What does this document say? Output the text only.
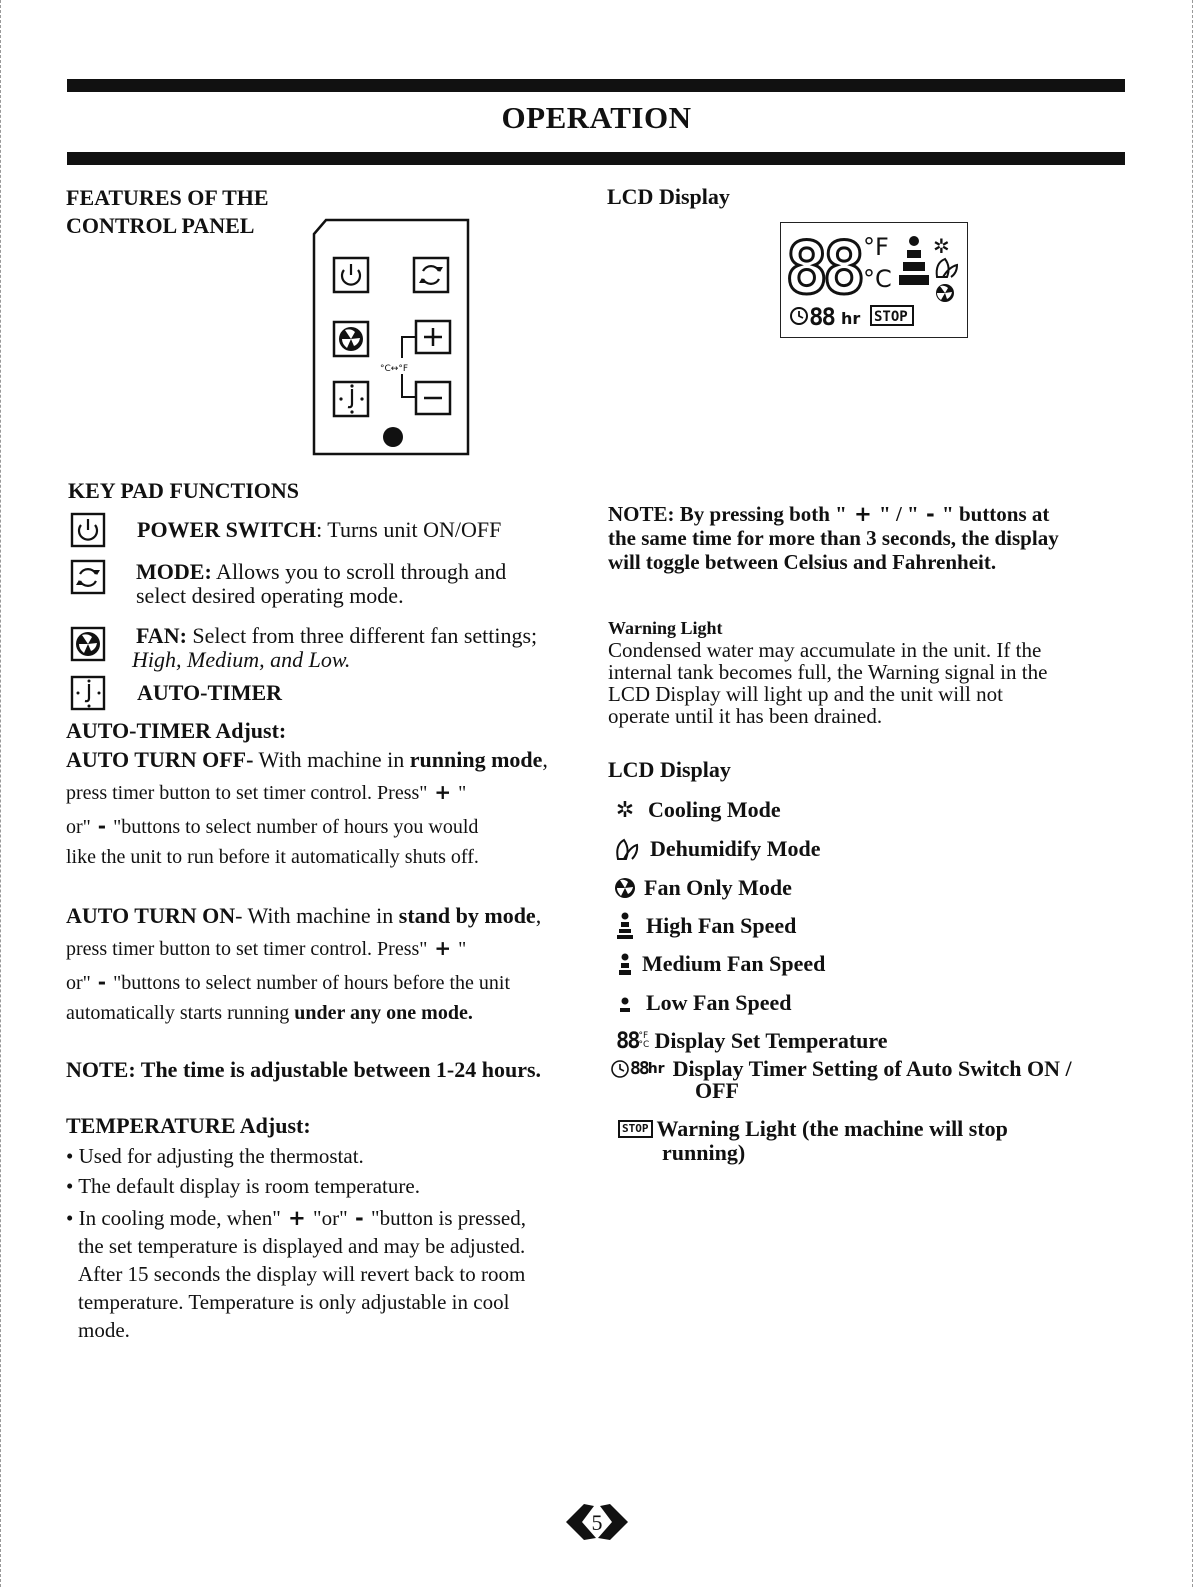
OPERATION
FEATURES OF THE
CONTROL PANEL
°C↔°F
LCD Display
88 °F
°C
✲
88 hr STOP
KEY PAD FUNCTIONS
POWER SWITCH: Turns unit ON/OFF
MODE: Allows you to scroll through and
select desired operating mode.
FAN: Select from three different fan settings;
High, Medium, and Low.
AUTO-TIMER
AUTO-TIMER Adjust:
AUTO TURN OFF- With machine in running mode,
press timer button to set timer control. Press" + "
or" - "buttons to select number of hours you would
like the unit to run before it automatically shuts off.
AUTO TURN ON- With machine in stand by mode,
press timer button to set timer control. Press" + "
or" - "buttons to select number of hours before the unit
automatically starts running under any one mode.
NOTE: The time is adjustable between 1-24 hours.
TEMPERATURE Adjust:
• Used for adjusting the thermostat.
• The default display is room temperature.
• In cooling mode, when" + "or" - "button is pressed,
the set temperature is displayed and may be adjusted.
After 15 seconds the display will revert back to room
temperature. Temperature is only adjustable in cool
mode.
NOTE: By pressing both " + " / " - " buttons at
the same time for more than 3 seconds, the display
will toggle between Celsius and Fahrenheit.
Warning Light
Condensed water may accumulate in the unit. If the
internal tank becomes full, the Warning signal in the
LCD Display will light up and the unit will not
operate until it has been drained.
LCD Display
✲ Cooling Mode
Dehumidify Mode
Fan Only Mode
High Fan Speed
Medium Fan Speed
Low Fan Speed
88 °F
°C Display Set Temperature
88 hr Display Timer Setting of Auto Switch ON /
OFF
STOP Warning Light (the machine will stop
running)
5
